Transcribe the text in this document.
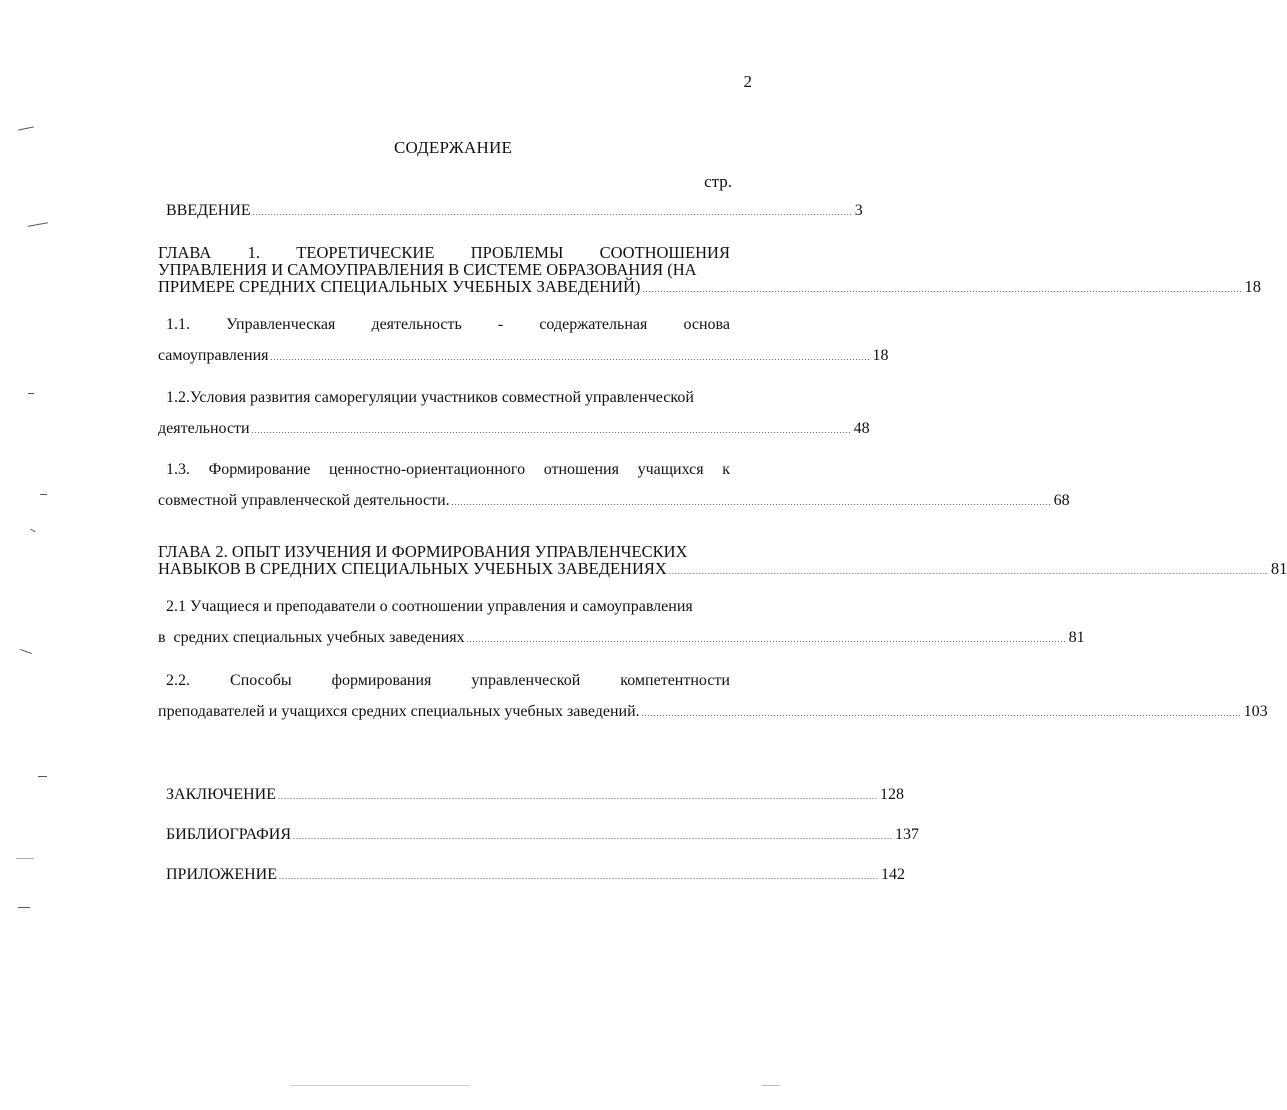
2
СОДЕРЖАНИЕ
стр.
ВВЕДЕНИЕ ........................................................................................................................................................................................................ 3
ГЛАВА 1. ТЕОРЕТИЧЕСКИЕ ПРОБЛЕМЫ СООТНОШЕНИЯ
УПРАВЛЕНИЯ И САМОУПРАВЛЕНИЯ В СИСТЕМЕ ОБРАЗОВАНИЯ (НА
ПРИМЕРЕ СРЕДНИХ СПЕЦИАЛЬНЫХ УЧЕБНЫХ ЗАВЕДЕНИЙ) ........................................................................................................................................................................................................ 18
1.1. Управленческая деятельность - содержательная основа
самоуправления ........................................................................................................................................................................................................ 18
1.2.Условия развития саморегуляции участников совместной управленческой
деятельности ........................................................................................................................................................................................................ 48
1.3. Формирование ценностно-ориентационного отношения учащихся к
совместной управленческой деятельности. ........................................................................................................................................................................................................ 68
ГЛАВА 2. ОПЫТ ИЗУЧЕНИЯ И ФОРМИРОВАНИЯ УПРАВЛЕНЧЕСКИХ
НАВЫКОВ В СРЕДНИХ СПЕЦИАЛЬНЫХ УЧЕБНЫХ ЗАВЕДЕНИЯХ ........................................................................................................................................................................................................ 81
2.1 Учащиеся и преподаватели о соотношении управления и самоуправления
в  средних специальных учебных заведениях ........................................................................................................................................................................................................ 81
2.2.	Способы	формирования	управленческой	компетентности
преподавателей и учащихся средних специальных учебных заведений. ........................................................................................................................................................................................................ 103
ЗАКЛЮЧЕНИЕ ........................................................................................................................................................................................................ 128
БИБЛИОГРАФИЯ ........................................................................................................................................................................................................ 137
ПРИЛОЖЕНИЕ ........................................................................................................................................................................................................ 142
